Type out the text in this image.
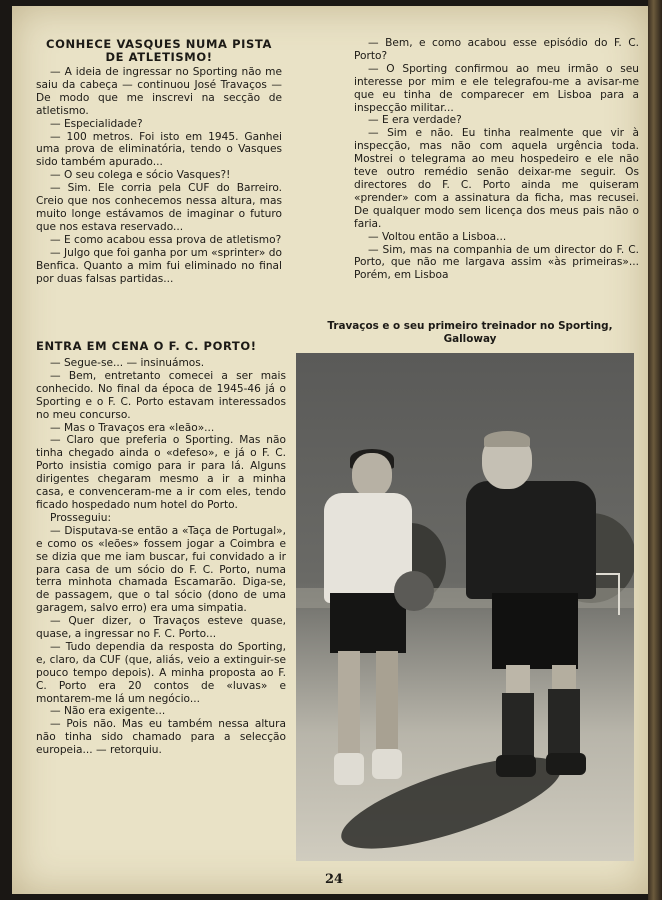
CONHECE VASQUES NUMA PISTA DE ATLETISMO!

— A ideia de ingressar no Sporting não me saiu da cabeça — continuou José Travaços — De modo que me inscrevi na secção de atletismo.

— Especialidade?

— 100 metros. Foi isto em 1945. Ganhei uma prova de eliminatória, tendo o Vasques sido também apurado...

— O seu colega e sócio Vasques?!

— Sim. Ele corria pela CUF do Barreiro. Creio que nos conhecemos nessa altura, mas muito longe estávamos de imaginar o futuro que nos estava reservado...

— E como acabou essa prova de atletismo?

— Julgo que foi ganha por um «sprinter» do Benfica. Quanto a mim fui eliminado no final por duas falsas partidas...

ENTRA EM CENA O F. C. PORTO!

— Segue-se... — insinuámos.

— Bem, entretanto comecei a ser mais conhecido. No final da época de 1945-46 já o Sporting e o F. C. Porto estavam interessados no meu concurso.

— Mas o Travaços era «leão»...

— Claro que preferia o Sporting. Mas não tinha chegado ainda o «defeso», e já o F. C. Porto insistia comigo para ir para lá. Alguns dirigentes chegaram mesmo a ir a minha casa, e convenceram-me a ir com eles, tendo ficado hospedado num hotel do Porto.

Prosseguiu:

— Disputava-se então a «Taça de Portugal», e como os «leões» fossem jogar a Coimbra e se dizia que me iam buscar, fui convidado a ir para casa de um sócio do F. C. Porto, numa terra minhota chamada Escamarão. Diga-se, de passagem, que o tal sócio (dono de uma garagem, salvo erro) era uma simpatia.

— Quer dizer, o Travaços esteve quase, quase, a ingressar no F. C. Porto...

— Tudo dependia da resposta do Sporting, e, claro, da CUF (que, aliás, veio a extinguir-se pouco tempo depois). A minha proposta ao F. C. Porto era 20 contos de «luvas» e montarem-me lá um negócio...

— Não era exigente...

— Pois não. Mas eu também nessa altura não tinha sido chamado para a selecção europeia... — retorquiu.

— Bem, e como acabou esse episódio do F. C. Porto?

— O Sporting confirmou ao meu irmão o seu interesse por mim e ele telegrafou-me a avisar-me que eu tinha de comparecer em Lisboa para a inspecção militar...

— E era verdade?

— Sim e não. Eu tinha realmente que vir à inspecção, mas não com aquela urgência toda. Mostrei o telegrama ao meu hospedeiro e ele não teve outro remédio senão deixar-me seguir. Os directores do F. C. Porto ainda me quiseram «prender» com a assinatura da ficha, mas recusei. De qualquer modo sem licença dos meus pais não o faria.

— Voltou então a Lisboa...

— Sim, mas na companhia de um director do F. C. Porto, que não me largava assim «às primeiras»... Porém, em Lisboa

Travaços e o seu primeiro treinador no Sporting, Galloway
24
